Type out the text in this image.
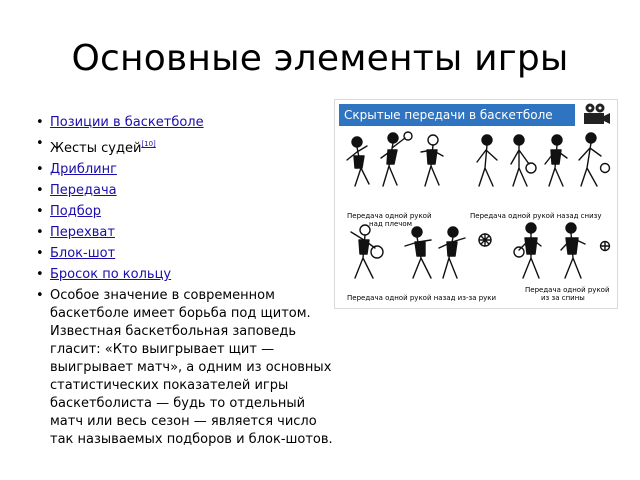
Основные элементы игры
• Позиции в баскетболе
• Жесты судей[10]
• Дриблинг
• Передача
• Подбор
• Перехват
• Блок-шот
• Бросок по кольцу
• Особое значение в современном баскетболе имеет борьба под щитом. Известная баскетбольная заповедь гласит: «Кто выигрывает щит — выигрывает матч», а одним из основных статистических показателей игры баскетболиста — будь то отдельный матч или весь сезон — является число так называемых подборов и блок-шотов.
Скрытые передачи в баскетболе
Передача одной рукой
над плечом
Передача одной рукой назад снизу
Передача одной рукой назад из-за руки
Передача одной рукой
из за спины
